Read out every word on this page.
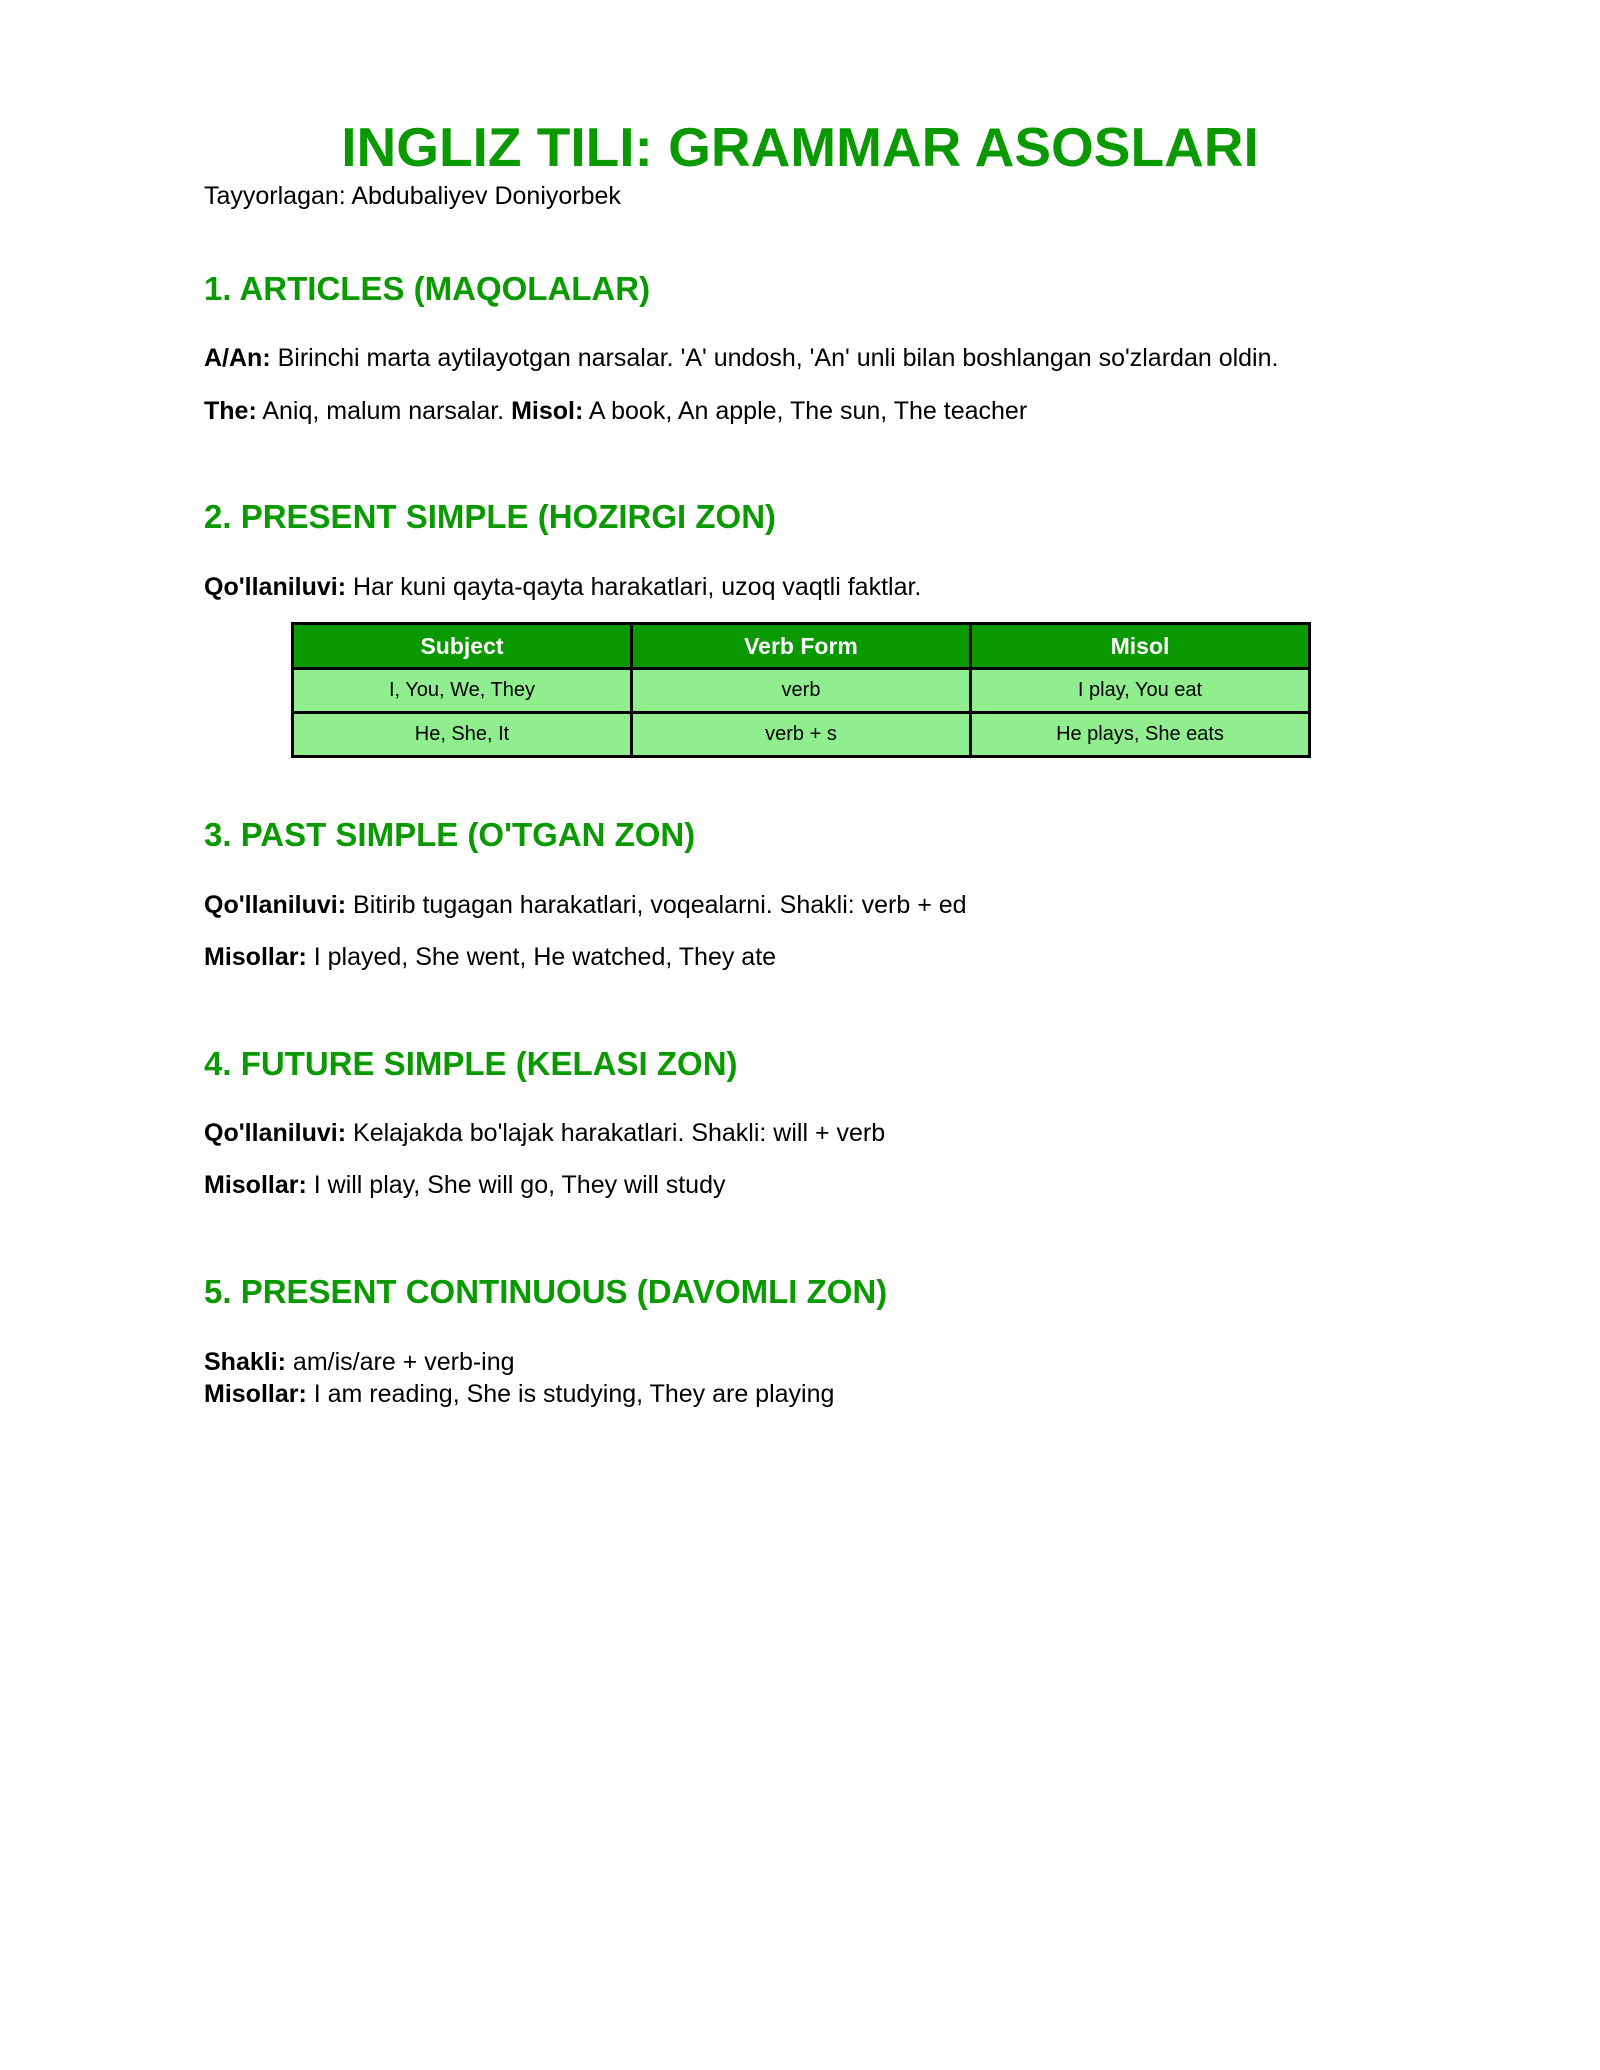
INGLIZ TILI: GRAMMAR ASOSLARI
Tayyorlagan: Abdubaliyev Doniyorbek
1. ARTICLES (MAQOLALAR)
A/An: Birinchi marta aytilayotgan narsalar. 'A' undosh, 'An' unli bilan boshlangan so'zlardan oldin.
The: Aniq, malum narsalar. Misol: A book, An apple, The sun, The teacher
2. PRESENT SIMPLE (HOZIRGI ZON)
Qo'llaniluvi: Har kuni qayta-qayta harakatlari, uzoq vaqtli faktlar.
Subject	Verb Form	Misol
I, You, We, They	verb	I play, You eat
He, She, It	verb + s	He plays, She eats
3. PAST SIMPLE (O'TGAN ZON)
Qo'llaniluvi: Bitirib tugagan harakatlari, voqealarni. Shakli: verb + ed
Misollar: I played, She went, He watched, They ate
4. FUTURE SIMPLE (KELASI ZON)
Qo'llaniluvi: Kelajakda bo'lajak harakatlari. Shakli: will + verb
Misollar: I will play, She will go, They will study
5. PRESENT CONTINUOUS (DAVOMLI ZON)
Shakli: am/is/are + verb-ing
Misollar: I am reading, She is studying, They are playing
